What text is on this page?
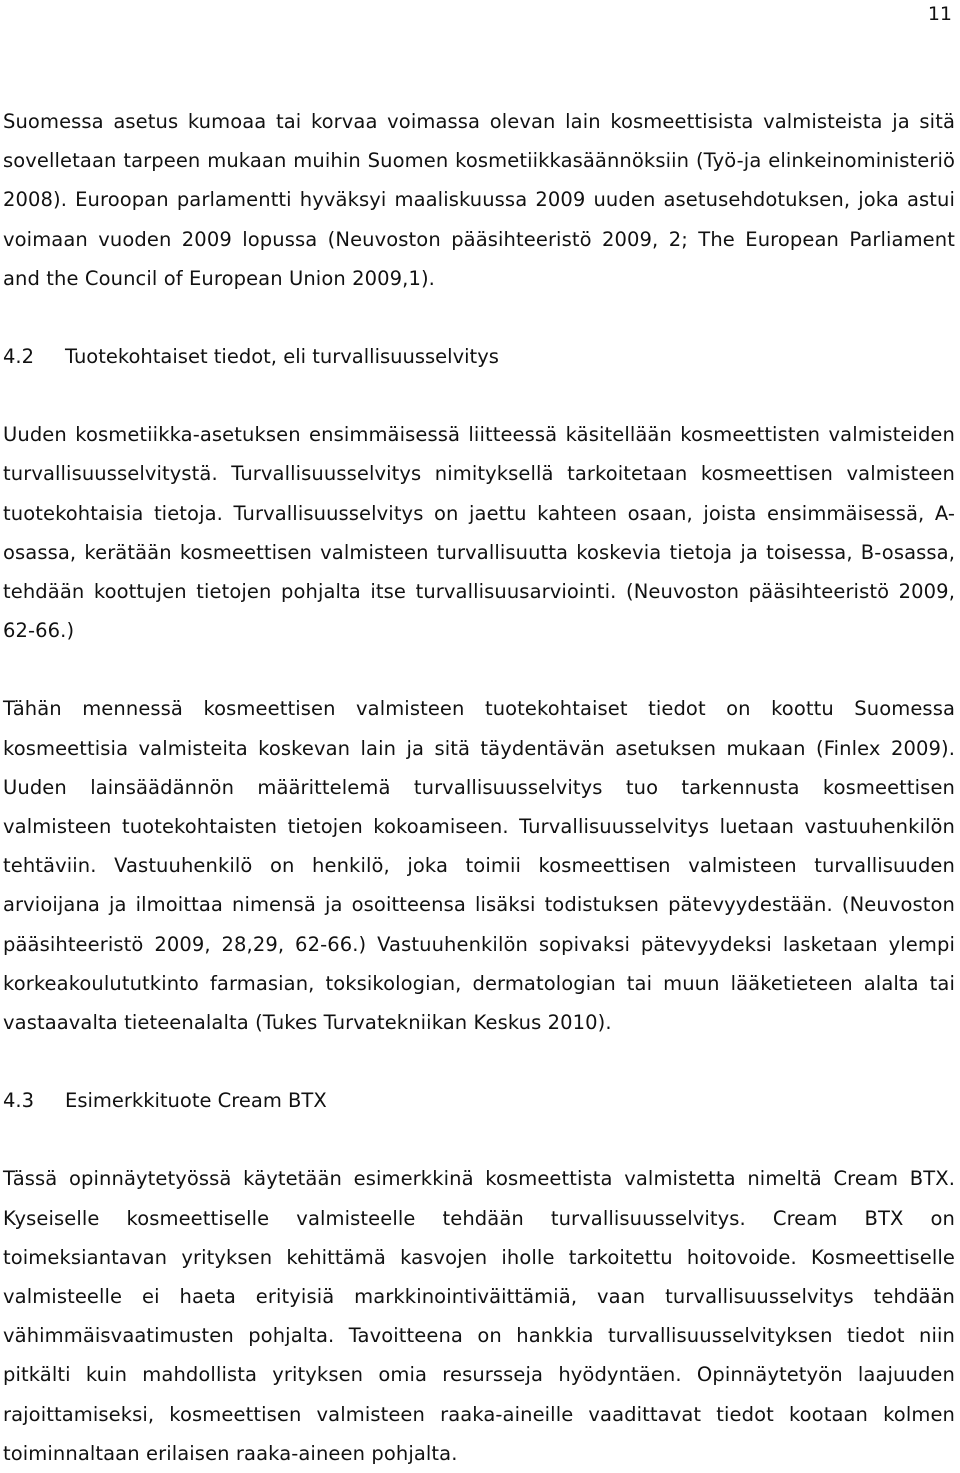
11

Suomessa asetus kumoaa tai korvaa voimassa olevan lain kosmeettisista valmisteista ja sitä sovelletaan tarpeen mukaan muihin Suomen kosmetiikkasäännöksiin (Työ-ja elinkeinoministeriö 2008). Euroopan parlamentti hyväksyi maaliskuussa 2009 uuden asetusehdotuksen, joka astui voimaan vuoden 2009 lopussa (Neuvoston pääsihteeristö 2009, 2; The European Parliament and the Council of European Union 2009,1).

4.2	Tuotekohtaiset tiedot, eli turvallisuusselvitys

Uuden kosmetiikka-asetuksen ensimmäisessä liitteessä käsitellään kosmeettisten valmisteiden turvallisuusselvitystä. Turvallisuusselvitys nimityksellä tarkoitetaan kosmeettisen valmisteen tuotekohtaisia tietoja. Turvallisuusselvitys on jaettu kahteen osaan, joista ensimmäisessä, A-osassa, kerätään kosmeettisen valmisteen turvallisuutta koskevia tietoja ja toisessa, B-osassa, tehdään koottujen tietojen pohjalta itse turvallisuusarviointi. (Neuvoston pääsihteeristö 2009, 62-66.)

Tähän mennessä kosmeettisen valmisteen tuotekohtaiset tiedot on koottu Suomessa kosmeettisia valmisteita koskevan lain ja sitä täydentävän asetuksen mukaan (Finlex 2009). Uuden lainsäädännön määrittelemä turvallisuusselvitys tuo tarkennusta kosmeettisen valmisteen tuotekohtaisten tietojen kokoamiseen. Turvallisuusselvitys luetaan vastuuhenkilön tehtäviin. Vastuuhenkilö on henkilö, joka toimii kosmeettisen valmisteen turvallisuuden arvioijana ja ilmoittaa nimensä ja osoitteensa lisäksi todistuksen pätevyydestään. (Neuvoston pääsihteeristö 2009, 28,29, 62-66.) Vastuuhenkilön sopivaksi pätevyydeksi lasketaan ylempi korkeakoulututkinto farmasian, toksikologian, dermatologian tai muun lääketieteen alalta tai vastaavalta tieteenalalta (Tukes Turvatekniikan Keskus 2010).

4.3	Esimerkkituote Cream BTX

Tässä opinnäytetyössä käytetään esimerkkinä kosmeettista valmistetta nimeltä Cream BTX. Kyseiselle kosmeettiselle valmisteelle tehdään turvallisuusselvitys. Cream BTX on toimeksiantavan yrityksen kehittämä kasvojen iholle tarkoitettu hoitovoide. Kosmeettiselle valmisteelle ei haeta erityisiä markkinointiväittämiä, vaan turvallisuusselvitys tehdään vähimmäisvaatimusten pohjalta. Tavoitteena on hankkia turvallisuusselvityksen tiedot niin pitkälti kuin mahdollista yrityksen omia resursseja hyödyntäen. Opinnäytetyön laajuuden rajoittamiseksi, kosmeettisen valmisteen raaka-aineille vaadittavat tiedot kootaan kolmen toiminnaltaan erilaisen raaka-aineen pohjalta.
